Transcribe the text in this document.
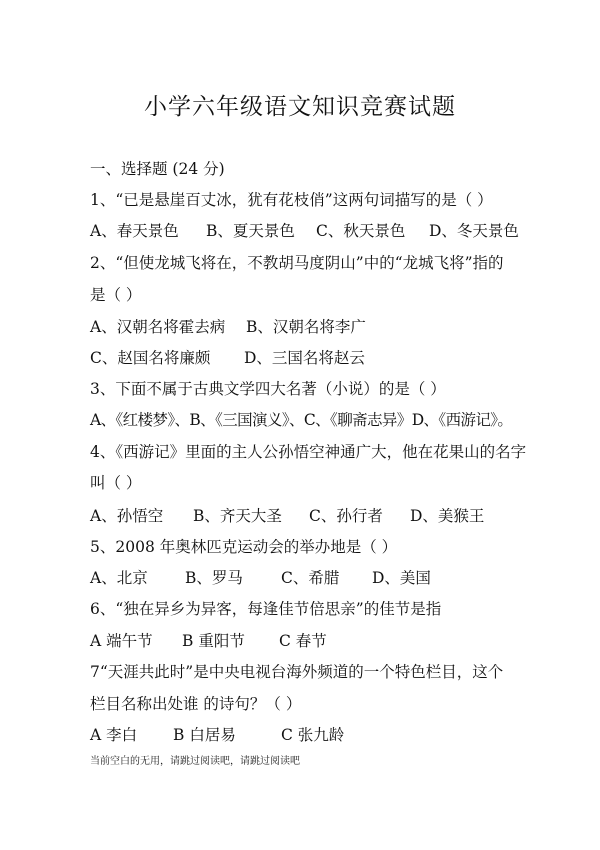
小学六年级语文知识竞赛试题
一、选择题 (24 分)
1、“已是悬崖百丈冰，犹有花枝俏”这两句词描写的是（ ）
A、春天景色	B、夏天景色	C、秋天景色	D、冬天景色
2、“但使龙城飞将在，不教胡马度阴山”中的“龙城飞将”指的
是（ ）
A、汉朝名将霍去病	B、汉朝名将李广
C、赵国名将廉颇	D、三国名将赵云
3、下面不属于古典文学四大名著（小说）的是（ ）
A、《红楼梦》、B、《三国演义》、C、《聊斋志异》D、《西游记》。
4、《西游记》里面的主人公孙悟空神通广大，他在花果山的名字
叫（ ）
A、孙悟空	B、齐天大圣	C、孙行者	D、美猴王
5、2008 年奥林匹克运动会的举办地是（ ）
A、北京	B、罗马	C、希腊	D、美国
6、“独在异乡为异客，每逢佳节倍思亲”的佳节是指
A 端午节	B 重阳节	C 春节
7“天涯共此时”是中央电视台海外频道的一个特色栏目，这个
栏目名称出处谁 的诗句？（ ）
A 李白	B 白居易	C 张九龄
当前空白的无用，请跳过阅读吧，请跳过阅读吧
